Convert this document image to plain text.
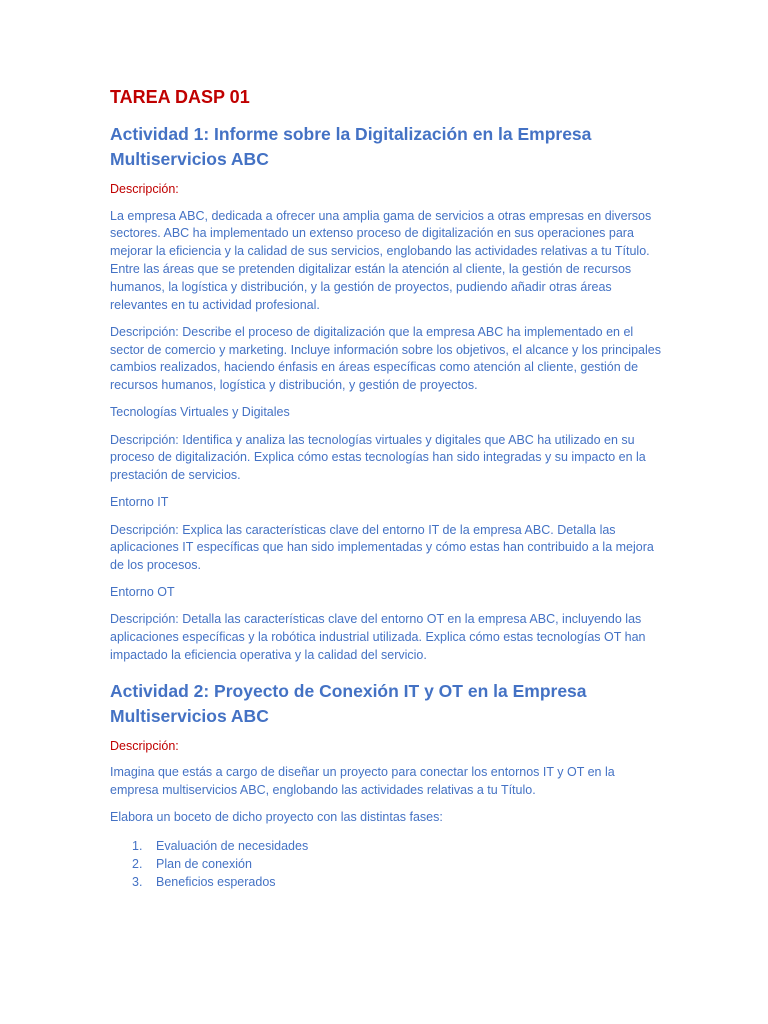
TAREA DASP 01
Actividad 1: Informe sobre la Digitalización en la Empresa Multiservicios ABC
Descripción:

La empresa ABC, dedicada a ofrecer una amplia gama de servicios a otras empresas en diversos sectores. ABC ha implementado un extenso proceso de digitalización en sus operaciones para mejorar la eficiencia y la calidad de sus servicios, englobando las actividades relativas a tu Título. Entre las áreas que se pretenden digitalizar están la atención al cliente, la gestión de recursos humanos, la logística y distribución, y la gestión de proyectos, pudiendo añadir otras áreas relevantes en tu actividad profesional.

Descripción: Describe el proceso de digitalización que la empresa ABC ha implementado en el sector de comercio y marketing. Incluye información sobre los objetivos, el alcance y los principales cambios realizados, haciendo énfasis en áreas específicas como atención al cliente, gestión de recursos humanos, logística y distribución, y gestión de proyectos.

Tecnologías Virtuales y Digitales

Descripción: Identifica y analiza las tecnologías virtuales y digitales que ABC ha utilizado en su proceso de digitalización. Explica cómo estas tecnologías han sido integradas y su impacto en la prestación de servicios.

Entorno IT

Descripción: Explica las características clave del entorno IT de la empresa ABC. Detalla las aplicaciones IT específicas que han sido implementadas y cómo estas han contribuido a la mejora de los procesos.

Entorno OT

Descripción: Detalla las características clave del entorno OT en la empresa ABC, incluyendo las aplicaciones específicas y la robótica industrial utilizada. Explica cómo estas tecnologías OT han impactado la eficiencia operativa y la calidad del servicio.

Actividad 2: Proyecto de Conexión IT y OT en la Empresa Multiservicios ABC
Descripción:

Imagina que estás a cargo de diseñar un proyecto para conectar los entornos IT y OT en la empresa multiservicios ABC, englobando las actividades relativas a tu Título.

Elabora un boceto de dicho proyecto con las distintas fases:

1.	Evaluación de necesidades
2.	Plan de conexión
3.	Beneficios esperados
